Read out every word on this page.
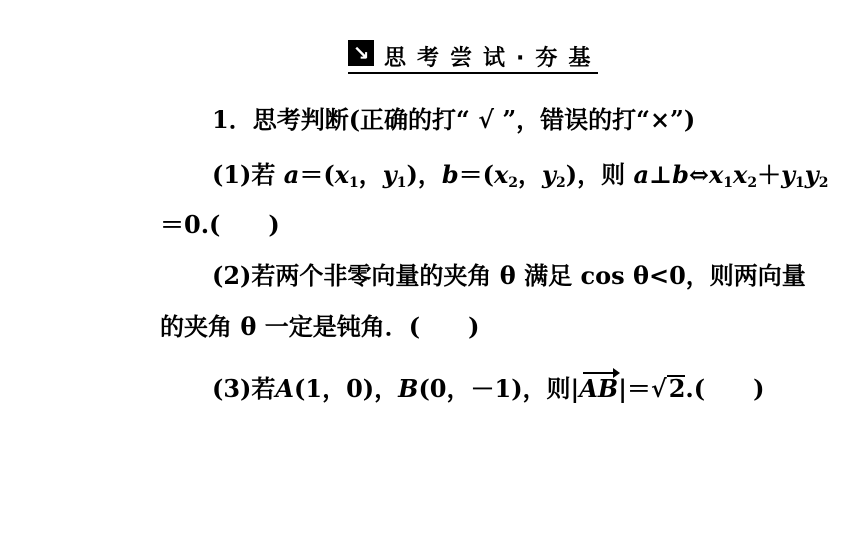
↘ 思考尝试·夯基
1．思考判断(正确的打“ √ ”，错误的打“×”)
(1)若 $a=(x_1$，$y_1$)，$b=(x_2$，$y_2$)，则 $a\perp b\Leftrightarrow x_1x_2+y_1y_2$
＝0.(　　)
(2)若两个非零向量的夹角 θ 满足 cos θ<0，则两向量
的夹角 θ 一定是钝角．(　　)
(3)若A(1，0)，B(0，－1)，则|AB|＝√2.(　　)
